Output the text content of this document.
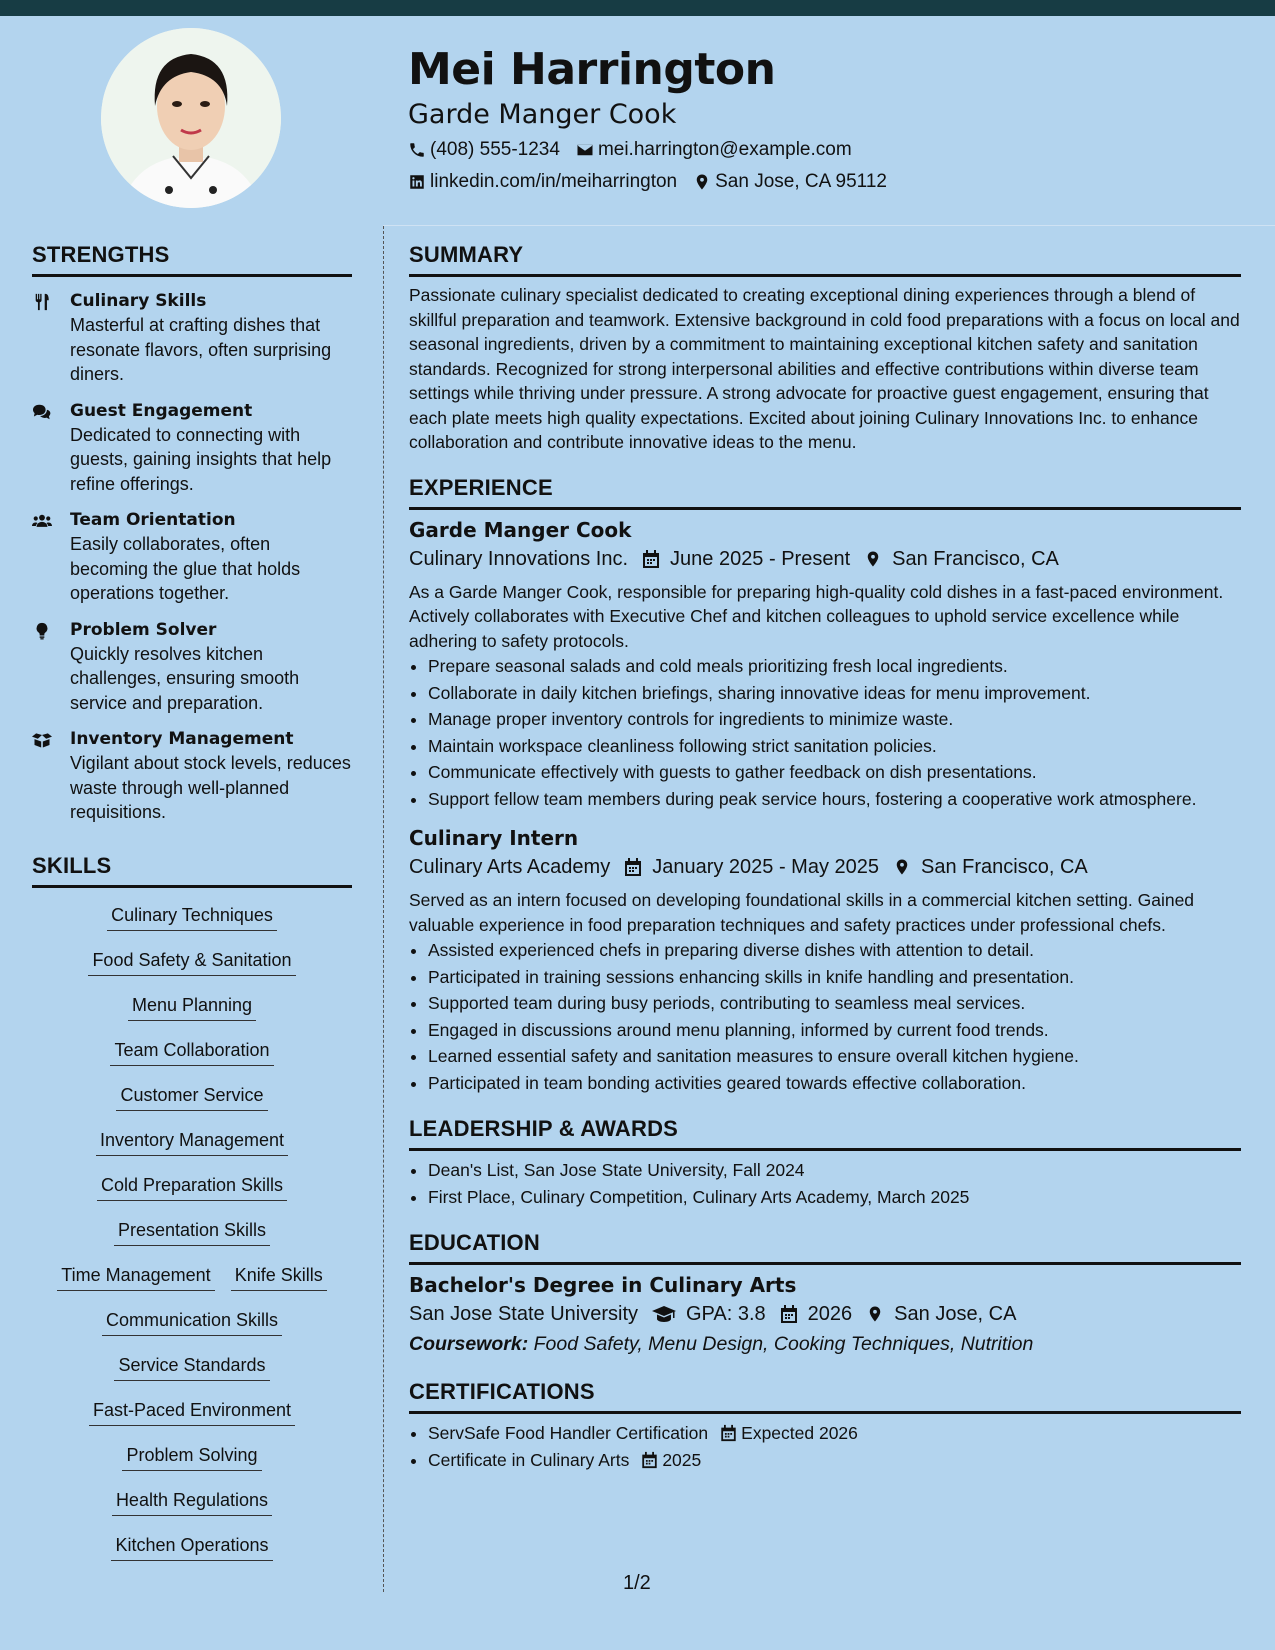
Mei Harrington
Garde Manger Cook
(408) 555-1234 mei.harrington@example.com
linkedin.com/in/meiharrington San Jose, CA 95112
STRENGTHS
Culinary Skills
Masterful at crafting dishes that resonate flavors, often surprising diners.
Guest Engagement
Dedicated to connecting with guests, gaining insights that help refine offerings.
Team Orientation
Easily collaborates, often becoming the glue that holds operations together.
Problem Solver
Quickly resolves kitchen challenges, ensuring smooth service and preparation.
Inventory Management
Vigilant about stock levels, reduces waste through well-planned requisitions.
SKILLS
Culinary Techniques
Food Safety & Sanitation
Menu Planning
Team Collaboration
Customer Service
Inventory Management
Cold Preparation Skills
Presentation Skills
Time Management Knife Skills
Communication Skills
Service Standards
Fast-Paced Environment
Problem Solving
Health Regulations
Kitchen Operations
SUMMARY
Passionate culinary specialist dedicated to creating exceptional dining experiences through a blend of skillful preparation and teamwork. Extensive background in cold food preparations with a focus on local and seasonal ingredients, driven by a commitment to maintaining exceptional kitchen safety and sanitation standards. Recognized for strong interpersonal abilities and effective contributions within diverse team settings while thriving under pressure. A strong advocate for proactive guest engagement, ensuring that each plate meets high quality expectations. Excited about joining Culinary Innovations Inc. to enhance collaboration and contribute innovative ideas to the menu.
EXPERIENCE
Garde Manger Cook
Culinary Innovations Inc. June 2025 - Present San Francisco, CA
As a Garde Manger Cook, responsible for preparing high-quality cold dishes in a fast-paced environment. Actively collaborates with Executive Chef and kitchen colleagues to uphold service excellence while adhering to safety protocols.
• Prepare seasonal salads and cold meals prioritizing fresh local ingredients.
• Collaborate in daily kitchen briefings, sharing innovative ideas for menu improvement.
• Manage proper inventory controls for ingredients to minimize waste.
• Maintain workspace cleanliness following strict sanitation policies.
• Communicate effectively with guests to gather feedback on dish presentations.
• Support fellow team members during peak service hours, fostering a cooperative work atmosphere.
Culinary Intern
Culinary Arts Academy January 2025 - May 2025 San Francisco, CA
Served as an intern focused on developing foundational skills in a commercial kitchen setting. Gained valuable experience in food preparation techniques and safety practices under professional chefs.
• Assisted experienced chefs in preparing diverse dishes with attention to detail.
• Participated in training sessions enhancing skills in knife handling and presentation.
• Supported team during busy periods, contributing to seamless meal services.
• Engaged in discussions around menu planning, informed by current food trends.
• Learned essential safety and sanitation measures to ensure overall kitchen hygiene.
• Participated in team bonding activities geared towards effective collaboration.
LEADERSHIP & AWARDS
• Dean's List, San Jose State University, Fall 2024
• First Place, Culinary Competition, Culinary Arts Academy, March 2025
EDUCATION
Bachelor's Degree in Culinary Arts
San Jose State University GPA: 3.8 2026 San Jose, CA
Coursework: Food Safety, Menu Design, Cooking Techniques, Nutrition
CERTIFICATIONS
• ServSafe Food Handler Certification Expected 2026
• Certificate in Culinary Arts 2025
1/2
